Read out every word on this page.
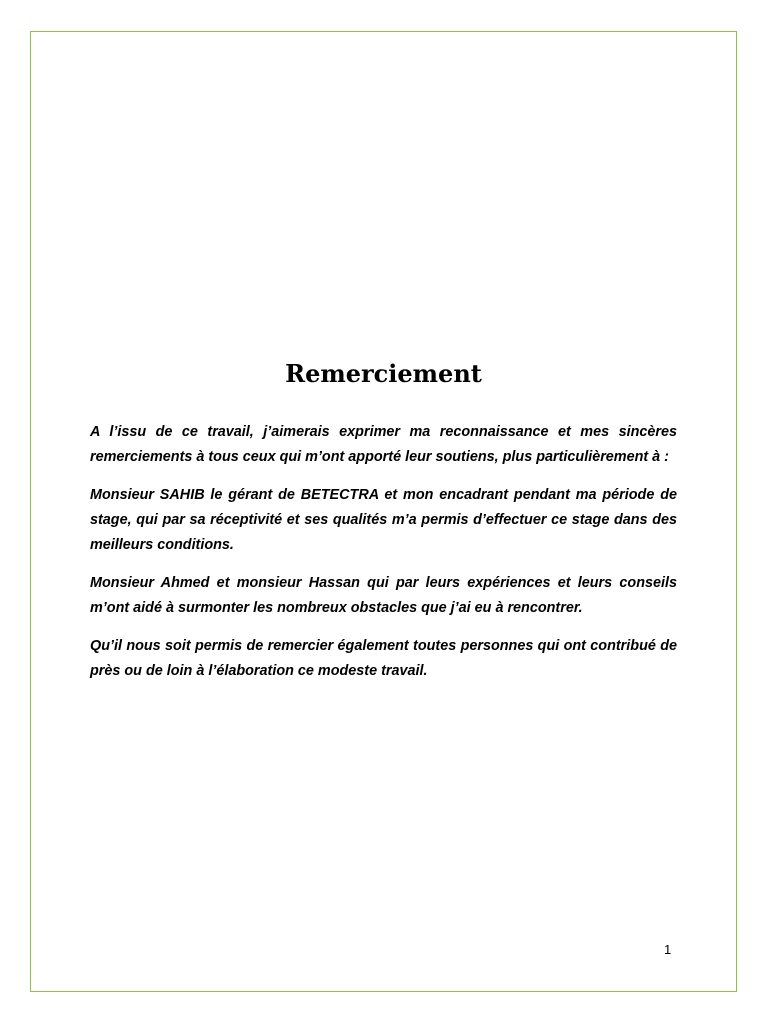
Remerciement

A l’issu de ce travail, j’aimerais exprimer ma reconnaissance et mes sincères remerciements à tous ceux qui m’ont apporté leur soutiens, plus particulièrement à :

Monsieur SAHIB le gérant de BETECTRA et mon encadrant pendant ma période de stage, qui par sa réceptivité et ses qualités m’a permis d’effectuer ce stage dans des meilleurs conditions.

Monsieur Ahmed et monsieur Hassan qui par leurs expériences et leurs conseils m’ont aidé à surmonter les nombreux obstacles que j’ai eu à rencontrer.

Qu’il nous soit permis de remercier également toutes personnes qui ont contribué de près ou de loin à l’élaboration ce modeste travail.

1
